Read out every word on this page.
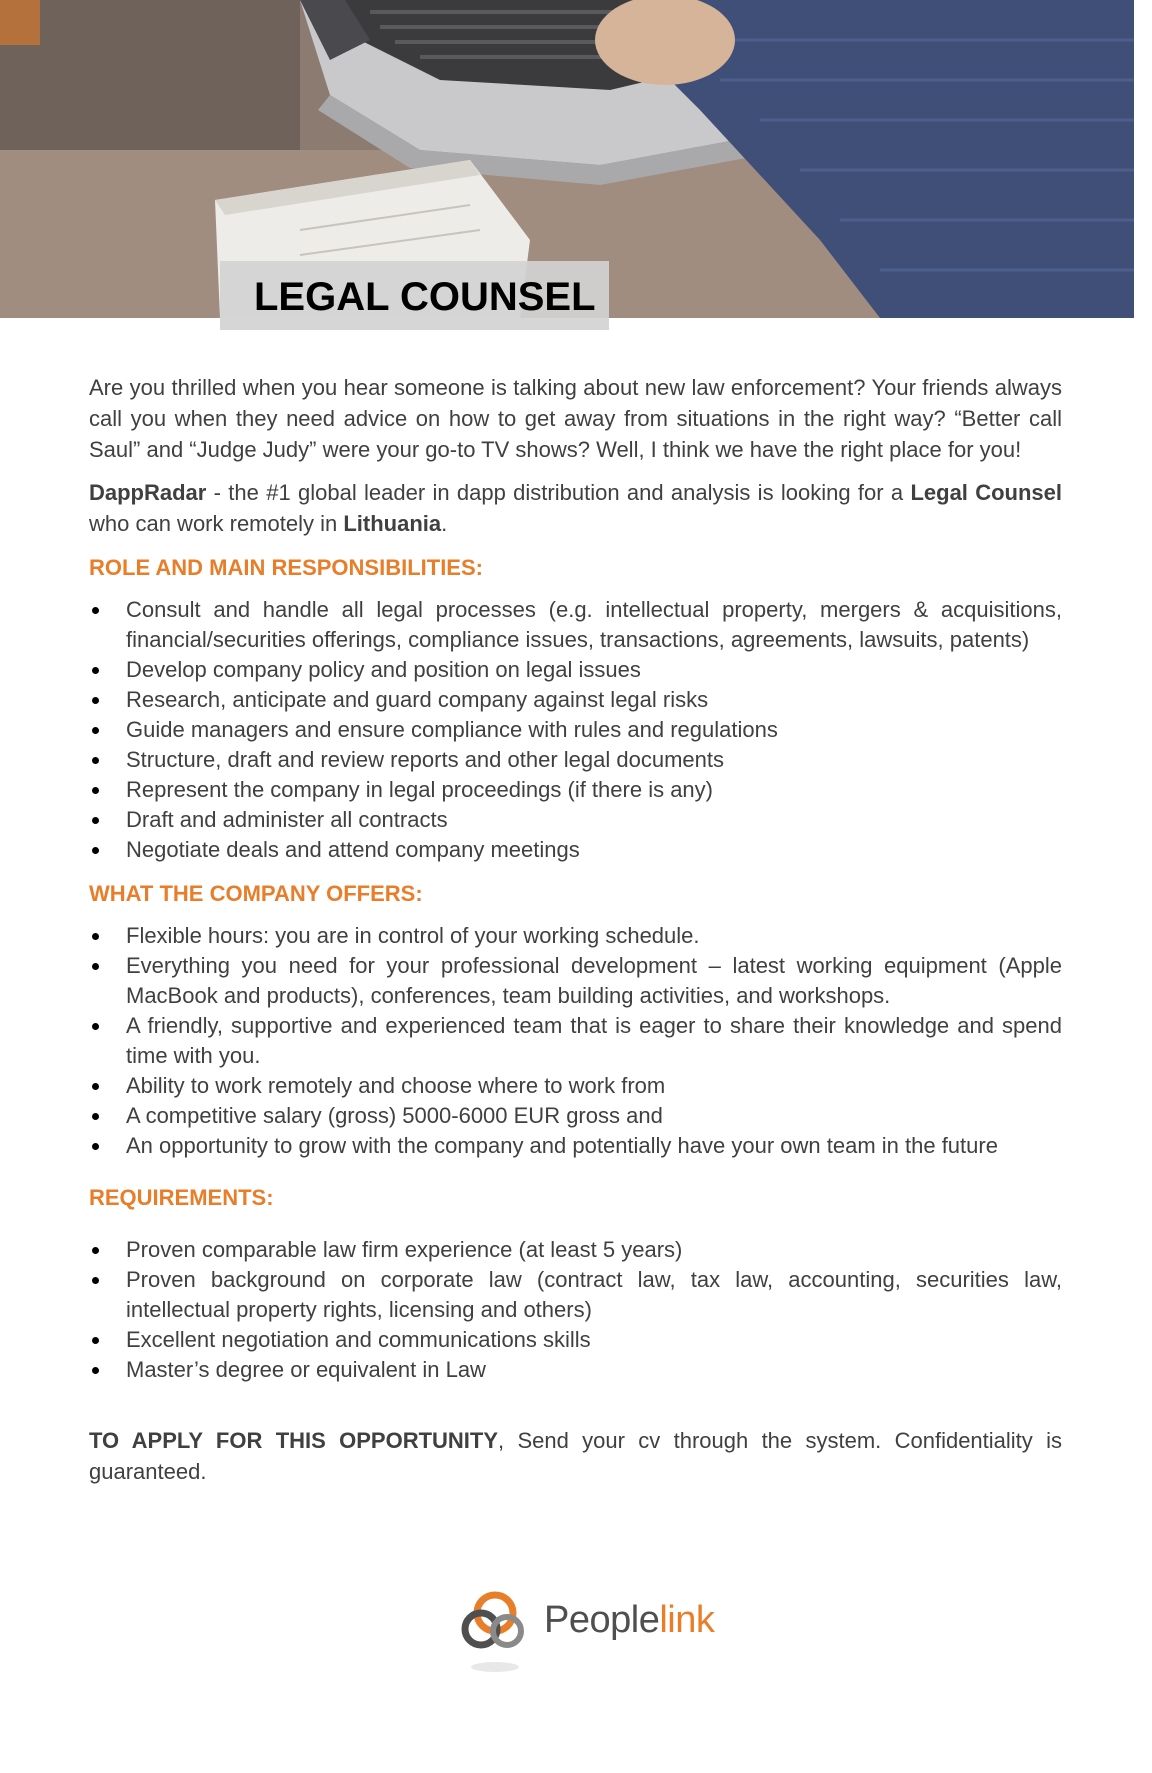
LEGAL COUNSEL

Are you thrilled when you hear someone is talking about new law enforcement? Your friends always call you when they need advice on how to get away from situations in the right way? “Better call Saul” and “Judge Judy” were your go-to TV shows? Well, I think we have the right place for you!

DappRadar - the #1 global leader in dapp distribution and analysis is looking for a Legal Counsel who can work remotely in Lithuania.

ROLE AND MAIN RESPONSIBILITIES:
Consult and handle all legal processes (e.g. intellectual property, mergers & acquisitions, financial/securities offerings, compliance issues, transactions, agreements, lawsuits, patents)
Develop company policy and position on legal issues
Research, anticipate and guard company against legal risks
Guide managers and ensure compliance with rules and regulations
Structure, draft and review reports and other legal documents
Represent the company in legal proceedings (if there is any)
Draft and administer all contracts
Negotiate deals and attend company meetings
WHAT THE COMPANY OFFERS:
Flexible hours: you are in control of your working schedule.
Everything you need for your professional development – latest working equipment (Apple MacBook and products), conferences, team building activities, and workshops.
A friendly, supportive and experienced team that is eager to share their knowledge and spend time with you.
Ability to work remotely and choose where to work from
A competitive salary (gross) 5000-6000 EUR gross and
An opportunity to grow with the company and potentially have your own team in the future
REQUIREMENTS:
Proven comparable law firm experience (at least 5 years)
Proven background on corporate law (contract law, tax law, accounting, securities law, intellectual property rights, licensing and others)
Excellent negotiation and communications skills
Master’s degree or equivalent in Law

TO APPLY FOR THIS OPPORTUNITY, Send your cv through the system. Confidentiality is guaranteed.

Peoplelink
